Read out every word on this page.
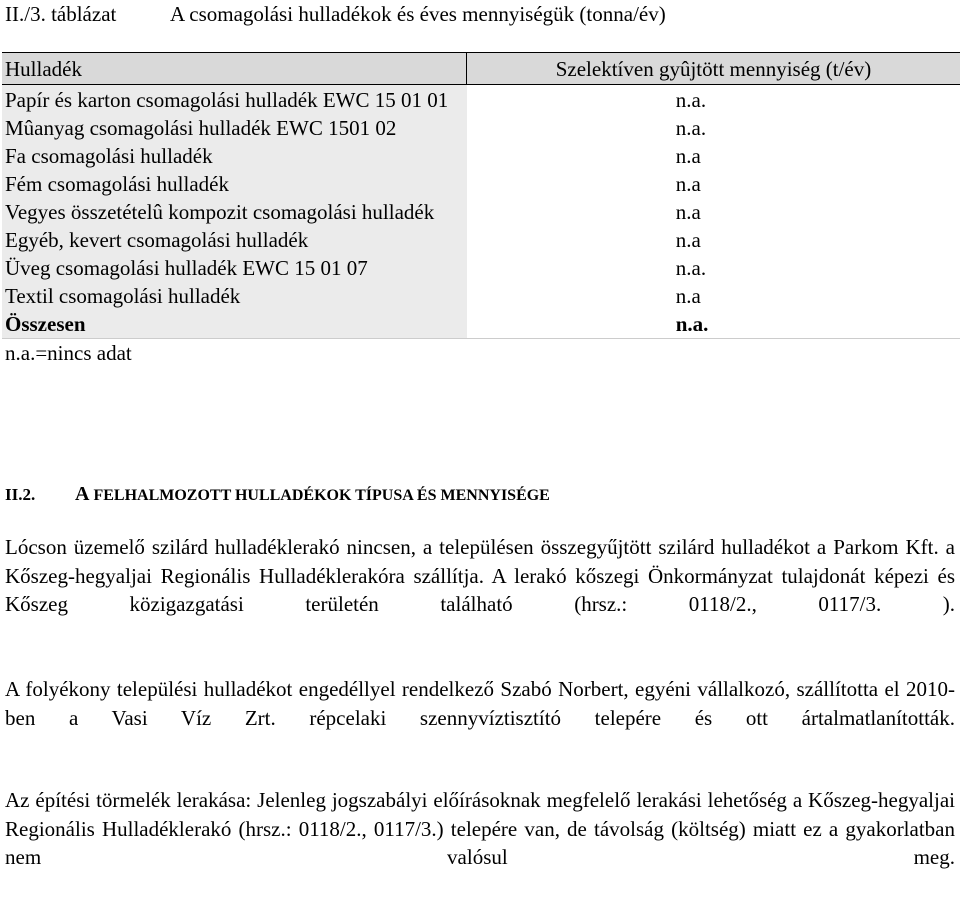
II./3. táblázat	A csomagolási hulladékok és éves mennyiségük (tonna/év)
Hulladék	Szelektíven gyûjtött mennyiség (t/év)
Papír és karton csomagolási hulladék EWC 15 01 01	n.a.
Mûanyag csomagolási hulladék EWC 1501 02	n.a.
Fa csomagolási hulladék	n.a
Fém csomagolási hulladék	n.a
Vegyes összetételû kompozit csomagolási hulladék	n.a
Egyéb, kevert csomagolási hulladék	n.a
Üveg csomagolási hulladék EWC 15 01 07	n.a.
Textil csomagolási hulladék	n.a
Összesen	n.a.
n.a.=nincs adat	
II.2. A FELHALMOZOTT HULLADÉKOK TÍPUSA ÉS MENNYISÉGE
Lócson üzemelő szilárd hulladéklerakó nincsen, a településen összegyűjtött szilárd hulladékot a Parkom Kft. a Kőszeg-hegyaljai Regionális Hulladéklerakóra szállítja. A lerakó kőszegi Önkormányzat tulajdonát képezi és Kőszeg közigazgatási területén található (hrsz.: 0118/2., 0117/3. ).
A folyékony települési hulladékot engedéllyel rendelkező Szabó Norbert, egyéni vállalkozó, szállította el 2010-ben a Vasi Víz Zrt. répcelaki szennyvíztisztító telepére és ott ártalmatlanították.
Az építési törmelék lerakása: Jelenleg jogszabályi előírásoknak megfelelő lerakási lehetőség a Kőszeg-hegyaljai Regionális Hulladéklerakó (hrsz.: 0118/2., 0117/3.) telepére van, de távolság (költség) miatt ez a gyakorlatban nem valósul meg.
